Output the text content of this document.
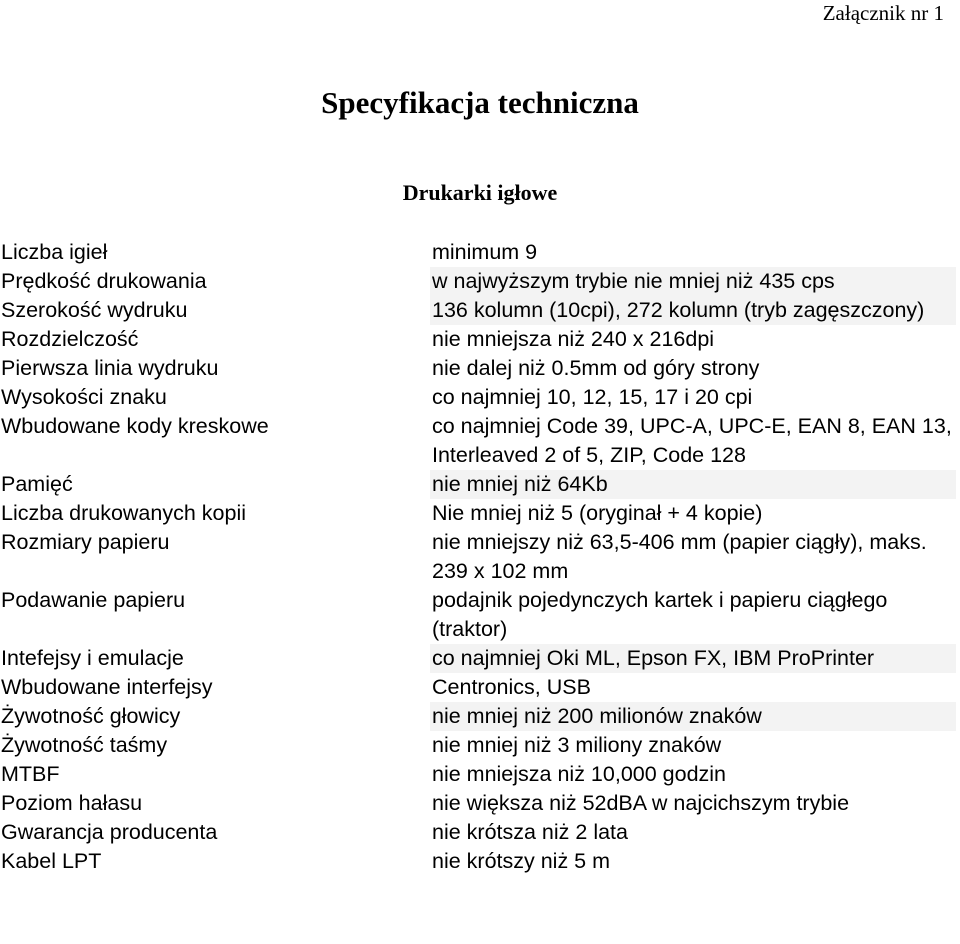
Załącznik nr 1

Specyfikacja techniczna
Drukarki igłowe
Liczba igieł	minimum 9
Prędkość drukowania	w najwyższym trybie nie mniej niż 435 cps
Szerokość wydruku	136 kolumn (10cpi), 272 kolumn (tryb zagęszczony)
Rozdzielczość	nie mniejsza niż 240 x 216dpi
Pierwsza linia wydruku	nie dalej niż 0.5mm od góry strony
Wysokości znaku	co najmniej 10, 12, 15, 17 i 20 cpi
Wbudowane kody kreskowe	co najmniej Code 39, UPC-A, UPC-E, EAN 8, EAN 13, Interleaved 2 of 5, ZIP, Code 128
Pamięć	nie mniej niż 64Kb
Liczba drukowanych kopii	Nie mniej niż 5 (oryginał + 4 kopie)
Rozmiary papieru	nie mniejszy niż 63,5-406 mm (papier ciągły), maks. 239 x 102 mm
Podawanie papieru	podajnik pojedynczych kartek i papieru ciągłego (traktor)
Intefejsy i emulacje	co najmniej Oki ML, Epson FX, IBM ProPrinter
Wbudowane interfejsy	Centronics, USB
Żywotność głowicy	nie mniej niż 200 milionów znaków
Żywotność taśmy	nie mniej niż 3 miliony znaków
MTBF	nie mniejsza niż 10,000 godzin
Poziom hałasu	nie większa niż 52dBA w najcichszym trybie
Gwarancja producenta	nie krótsza niż 2 lata
Kabel LPT	nie krótszy niż 5 m
